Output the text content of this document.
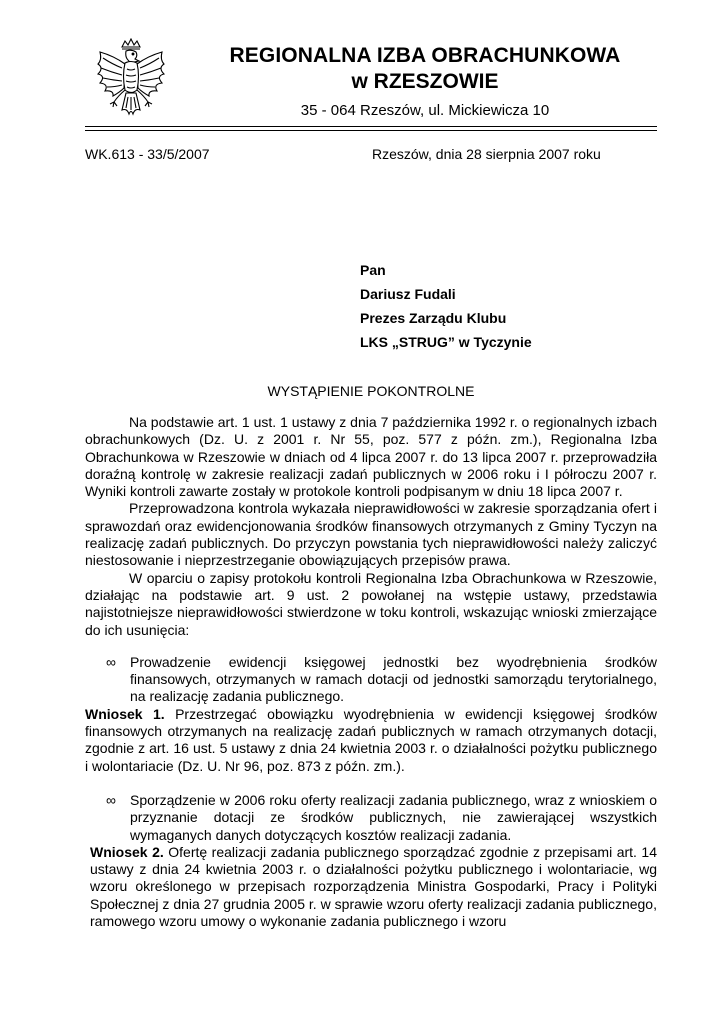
REGIONALNA IZBA OBRACHUNKOWA
w RZESZOWIE
35 - 064 Rzeszów, ul. Mickiewicza 10
WK.613 - 33/5/2007	Rzeszów, dnia 28 sierpnia 2007 roku
Pan
Dariusz Fudali
Prezes Zarządu Klubu
LKS „STRUG” w Tyczynie
WYSTĄPIENIE POKONTROLNE

Na podstawie art. 1 ust. 1 ustawy z dnia 7 października 1992 r. o regionalnych izbach obrachunkowych (Dz. U. z 2001 r. Nr 55, poz. 577 z późn. zm.), Regionalna Izba Obrachunkowa w Rzeszowie w dniach od 4 lipca 2007 r. do 13 lipca 2007 r. przeprowadziła doraźną kontrolę w zakresie realizacji zadań publicznych w 2006 roku i I półroczu 2007 r. Wyniki kontroli zawarte zostały w protokole kontroli podpisanym w dniu 18 lipca 2007 r.

Przeprowadzona kontrola wykazała nieprawidłowości w zakresie sporządzania ofert i sprawozdań oraz ewidencjonowania środków finansowych otrzymanych z Gminy Tyczyn na realizację zadań publicznych. Do przyczyn powstania tych nieprawidłowości należy zaliczyć niestosowanie i nieprzestrzeganie obowiązujących przepisów prawa.

W oparciu o zapisy protokołu kontroli Regionalna Izba Obrachunkowa w Rzeszowie, działając na podstawie art. 9 ust. 2 powołanej na wstępie ustawy, przedstawia najistotniejsze nieprawidłowości stwierdzone w toku kontroli, wskazując wnioski zmierzające do ich usunięcia:

∞ Prowadzenie ewidencji księgowej jednostki bez wyodrębnienia środków finansowych, otrzymanych w ramach dotacji od jednostki samorządu terytorialnego, na realizację zadania publicznego.

Wniosek 1. Przestrzegać obowiązku wyodrębnienia w ewidencji księgowej środków finansowych otrzymanych na realizację zadań publicznych w ramach otrzymanych dotacji, zgodnie z art. 16 ust. 5 ustawy z dnia 24 kwietnia 2003 r. o działalności pożytku publicznego i wolontariacie (Dz. U. Nr 96, poz. 873 z późn. zm.).

∞ Sporządzenie w 2006 roku oferty realizacji zadania publicznego, wraz z wnioskiem o przyznanie dotacji ze środków publicznych, nie zawierającej wszystkich wymaganych danych dotyczących kosztów realizacji zadania.

Wniosek 2. Ofertę realizacji zadania publicznego sporządzać zgodnie z przepisami art. 14 ustawy z dnia 24 kwietnia 2003 r. o działalności pożytku publicznego i wolontariacie, wg wzoru określonego w przepisach rozporządzenia Ministra Gospodarki, Pracy i Polityki Społecznej z dnia 27 grudnia 2005 r. w sprawie wzoru oferty realizacji zadania publicznego, ramowego wzoru umowy o wykonanie zadania publicznego i wzoru
